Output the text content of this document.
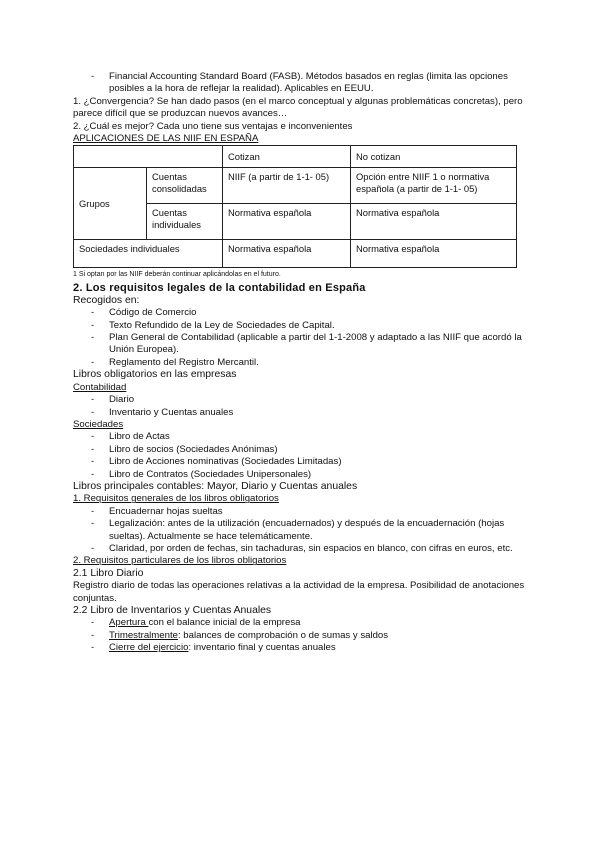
- Financial Accounting Standard Board (FASB). Métodos basados en reglas (limita las opciones posibles a la hora de reflejar la realidad). Aplicables en EEUU.

1. ¿Convergencia? Se han dado pasos (en el marco conceptual y algunas problemáticas concretas), pero parece difícil que se produzcan nuevos avances…

2. ¿Cuál es mejor? Cada uno tiene sus ventajas e inconvenientes

APLICACIONES DE LAS NIIF EN ESPAÑA

		Cotizan	No cotizan
Grupos	Cuentas consolidadas	NIIF (a partir de 1-1- 05)	Opción entre NIIF 1 o normativa española (a partir de 1-1- 05)
	Cuentas individuales	Normativa española	Normativa española
Sociedades individuales		Normativa española	Normativa española
1 Si optan por las NIIF deberán continuar aplicándolas en el futuro.

2. Los requisitos legales de la contabilidad en España

Recogidos en:

- Código de Comercio
- Texto Refundido de la Ley de Sociedades de Capital.
- Plan General de Contabilidad (aplicable a partir del 1-1-2008 y adaptado a las NIIF que acordó la Unión Europea).
- Reglamento del Registro Mercantil.

Libros obligatorios en las empresas

Contabilidad

- Diario
- Inventario y Cuentas anuales

Sociedades

- Libro de Actas
- Libro de socios (Sociedades Anónimas)
- Libro de Acciones nominativas (Sociedades Limitadas)
- Libro de Contratos (Sociedades Unipersonales)

Libros principales contables: Mayor, Diario y Cuentas anuales

1. Requisitos generales de los libros obligatorios

- Encuadernar hojas sueltas
- Legalización: antes de la utilización (encuadernados) y después de la encuadernación (hojas sueltas). Actualmente se hace telemáticamente.
- Claridad, por orden de fechas, sin tachaduras, sin espacios en blanco, con cifras en euros, etc.

2. Requisitos particulares de los libros obligatorios

2.1 Libro Diario

Registro diario de todas las operaciones relativas a la actividad de la empresa. Posibilidad de anotaciones conjuntas.

2.2 Libro de Inventarios y Cuentas Anuales

- Apertura con el balance inicial de la empresa
- Trimestralmente: balances de comprobación o de sumas y saldos
- Cierre del ejercicio: inventario final y cuentas anuales
